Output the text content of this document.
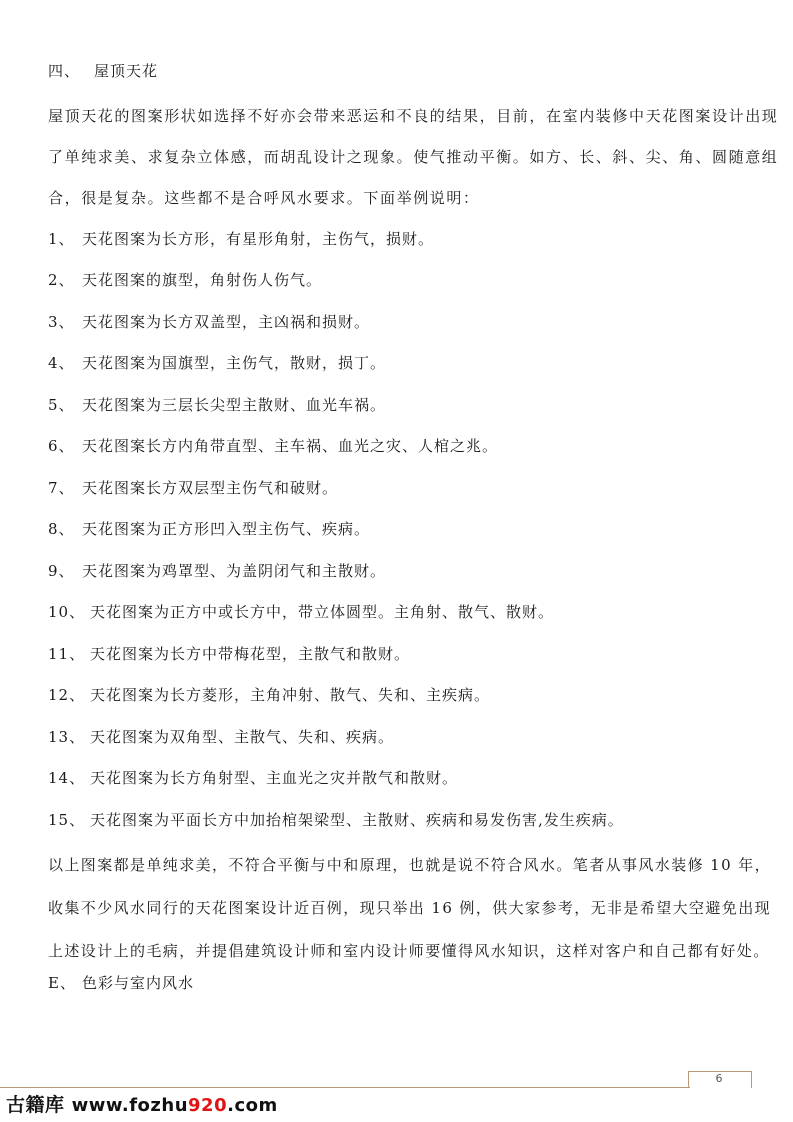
四、 屋顶天花
屋顶天花的图案形状如选择不好亦会带来恶运和不良的结果，目前，在室内装修中天花图案设计出现
了单纯求美、求复杂立体感，而胡乱设计之现象。使气推动平衡。如方、长、斜、尖、角、圆随意组
合，很是复杂。这些都不是合呼风水要求。下面举例说明：
1、 天花图案为长方形，有星形角射，主伤气，损财。
2、 天花图案的旗型，角射伤人伤气。
3、 天花图案为长方双盖型，主凶祸和损财。
4、 天花图案为国旗型，主伤气，散财，损丁。
5、 天花图案为三层长尖型主散财、血光车祸。
6、 天花图案长方内角带直型、主车祸、血光之灾、人棺之兆。
7、 天花图案长方双层型主伤气和破财。
8、 天花图案为正方形凹入型主伤气、疾病。
9、 天花图案为鸡罩型、为盖阴闭气和主散财。
10、 天花图案为正方中或长方中，带立体圆型。主角射、散气、散财。
11、 天花图案为长方中带梅花型，主散气和散财。
12、 天花图案为长方菱形，主角冲射、散气、失和、主疾病。
13、 天花图案为双角型、主散气、失和、疾病。
14、 天花图案为长方角射型、主血光之灾并散气和散财。
15、 天花图案为平面长方中加抬棺架梁型、主散财、疾病和易发伤害,发生疾病。
以上图案都是单纯求美，不符合平衡与中和原理，也就是说不符合风水。笔者从事风水装修 10 年，
收集不少风水同行的天花图案设计近百例，现只举出 16 例，供大家参考，无非是希望大空避免出现
上述设计上的毛病，并提倡建筑设计师和室内设计师要懂得风水知识，这样对客户和自己都有好处。
E、 色彩与室内风水
6
古籍库 www.fozhu920.com
